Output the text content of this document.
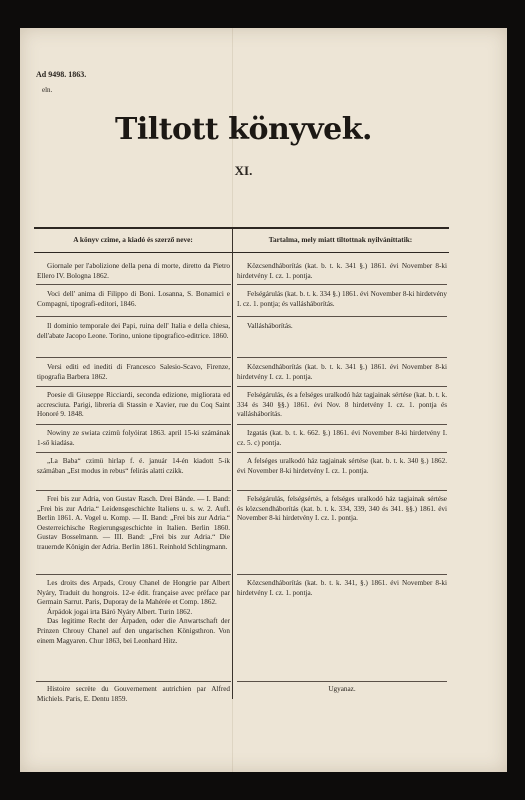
Ad 9498. 1863.
eln.
Tiltott könyvek.
XI.
A könyv czime, a kiadó és szerző neve:	Tartalma, mely miatt tiltottnak nyilváníttatik:

Giornale per l'abolizione della pena di morte, diretto da Pietro Ellero IV. Bologna 1862.

Közcsendháborítás (kat. b. t. k. 341 §.) 1861. évi November 8-ki hirdetvény I. cz. 1. pontja.

Voci dell' anima di Filippo di Boni. Losanna, S. Bonamici e Compagni, tipografi-editori, 1846.

Felségárulás (kat. b. t. k. 334 §.) 1861. évi November 8-ki hirdetvény I. cz. 1. pontja; és vallásháborítás.

Il dominio temporale dei Papi, ruina dell' Italia e della chiesa, dell'abate Jacopo Leone. Torino, unione tipografico-editrice. 1860.

Vallásháborítás.

Versi editi ed inediti di Francesco Salesio-Scavo, Firenze, tipografia Barbera 1862.

Közcsendháborítás (kat. b. t. k. 341 §.) 1861. évi November 8-ki hirdetvény I. cz. 1. pontja.

Poesie di Giuseppe Ricciardi, seconda edizione, migliorata ed accresciuta. Parigi, libreria di Stassin e Xavier, rue du Coq Saint Honoré 9. 1848.

Felségárulás, és a felséges uralkodó ház tagjainak sértése (kat. b. t. k. 334 és 340 §§.) 1861. évi Nov. 8 hirdetvény I. cz. 1. pontja és vallásháborítás.

Nowiny ze swiata czimü folyóirat 1863. april 15-ki számának 1-ső kiadása.

Izgatás (kat. b. t. k. 662. §.) 1861. évi November 8-ki hirdetvény I. cz. 5. c) pontja.

„La Baba“ czimü hirlap f. é. január 14-én kiadott 5-ik számában „Est modus in rebus“ felirás alatti czikk.

A felséges uralkodó ház tagjainak sértése (kat. b. t. k. 340 §.) 1862. évi November 8-ki hirdetvény I. cz. 1. pontja.

Frei bis zur Adria, von Gustav Rasch. Drei Bände. — I. Band: „Frei bis zur Adria.“ Leidensgeschichte Italiens u. s. w. 2. Aufl. Berlin 1861. A. Vogel u. Komp. — II. Band: „Frei bis zur Adria.“ Oesterreichische Regierungsgeschichte in Italien. Berlin 1860. Gustav Bosselmann. — III. Band: „Frei bis zur Adria.“ Die trauernde Königin der Adria. Berlin 1861. Reinhold Schlingmann.

Felségárulás, felségsértés, a felséges uralkodó ház tagjainak sértése és közcsendháborítás (kat. b. t. k. 334, 339, 340 és 341. §§.) 1861. évi November 8-ki hirdetvény I. cz. 1. pontja.

Les droits des Arpads, Crouy Chanel de Hongrie par Albert Nyáry, Traduit du hongrois. 12-e édit. française avec préface par Germain Sarrut. Paris, Duporay de la Mahérée et Comp. 1862.

Árpádok jogai irta Báró Nyáry Albert. Turin 1862.

Das legitime Recht der Árpaden, oder die Anwartschaft der Prinzen Chrouy Chanel auf den ungarischen Königsthron. Von einem Magyaren. Chur 1863, bei Leonhard Hitz.

Közcsendháborítás (kat. b. t. k. 341, §.) 1861. évi November 8-ki hirdetvény I. cz. 1. pontja.

Histoire secrète du Gouvernement autrichien par Alfred Michiels. Paris, E. Dentu 1859.

Ugyanaz.
